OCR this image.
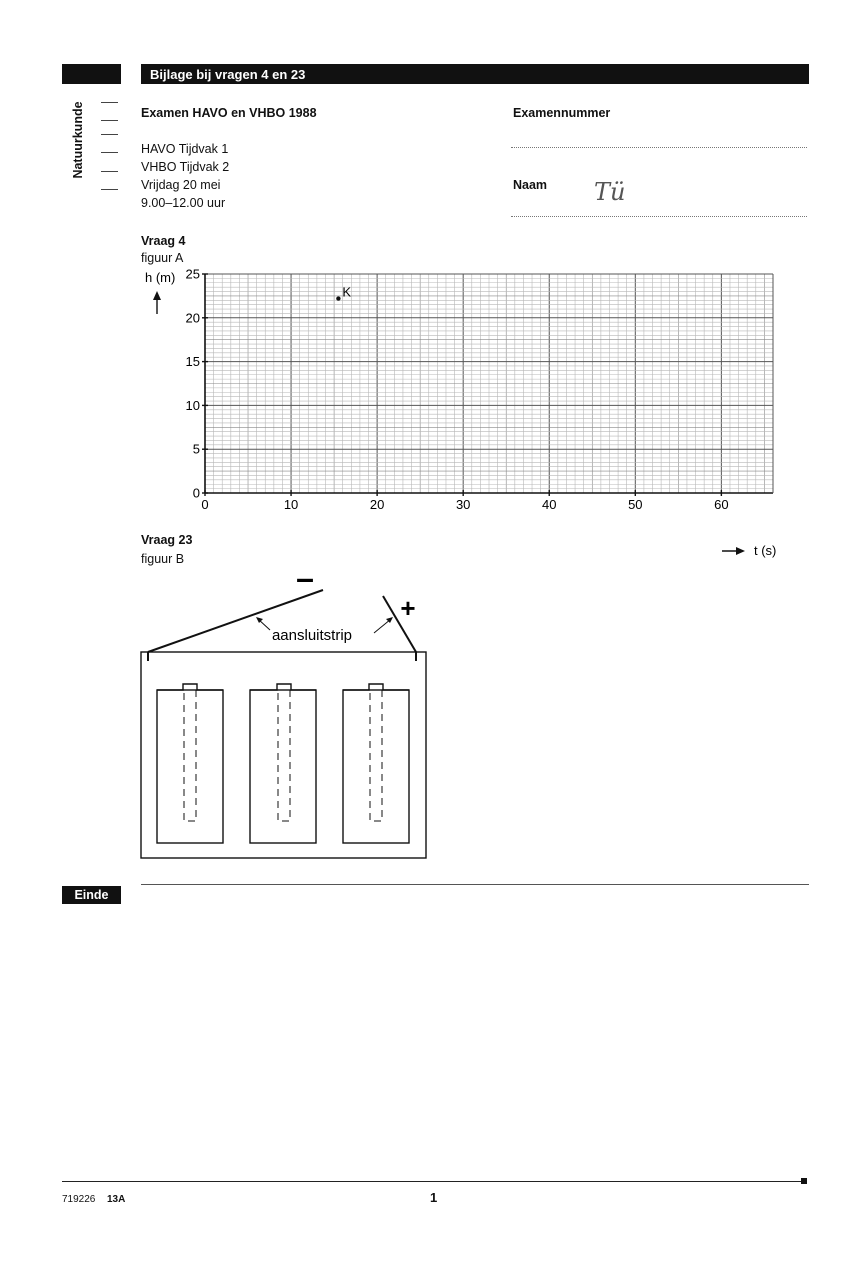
Bijlage bij vragen 4 en 23
Natuurkunde	Examen HAVO en VHBO 1988
HAVO Tijdvak 1
VHBO Tijdvak 2
Vrijdag 20 mei
9.00–12.00 uur
Examennummer
Naam Tü
Vraag 4
figuur A
0	10	20	30	40	50	60
0
5
10
15
20
25
K
h (m)
t (s)
–
+
aansluitstrip
Vraag 23
figuur B
Einde
719226 13A	1
